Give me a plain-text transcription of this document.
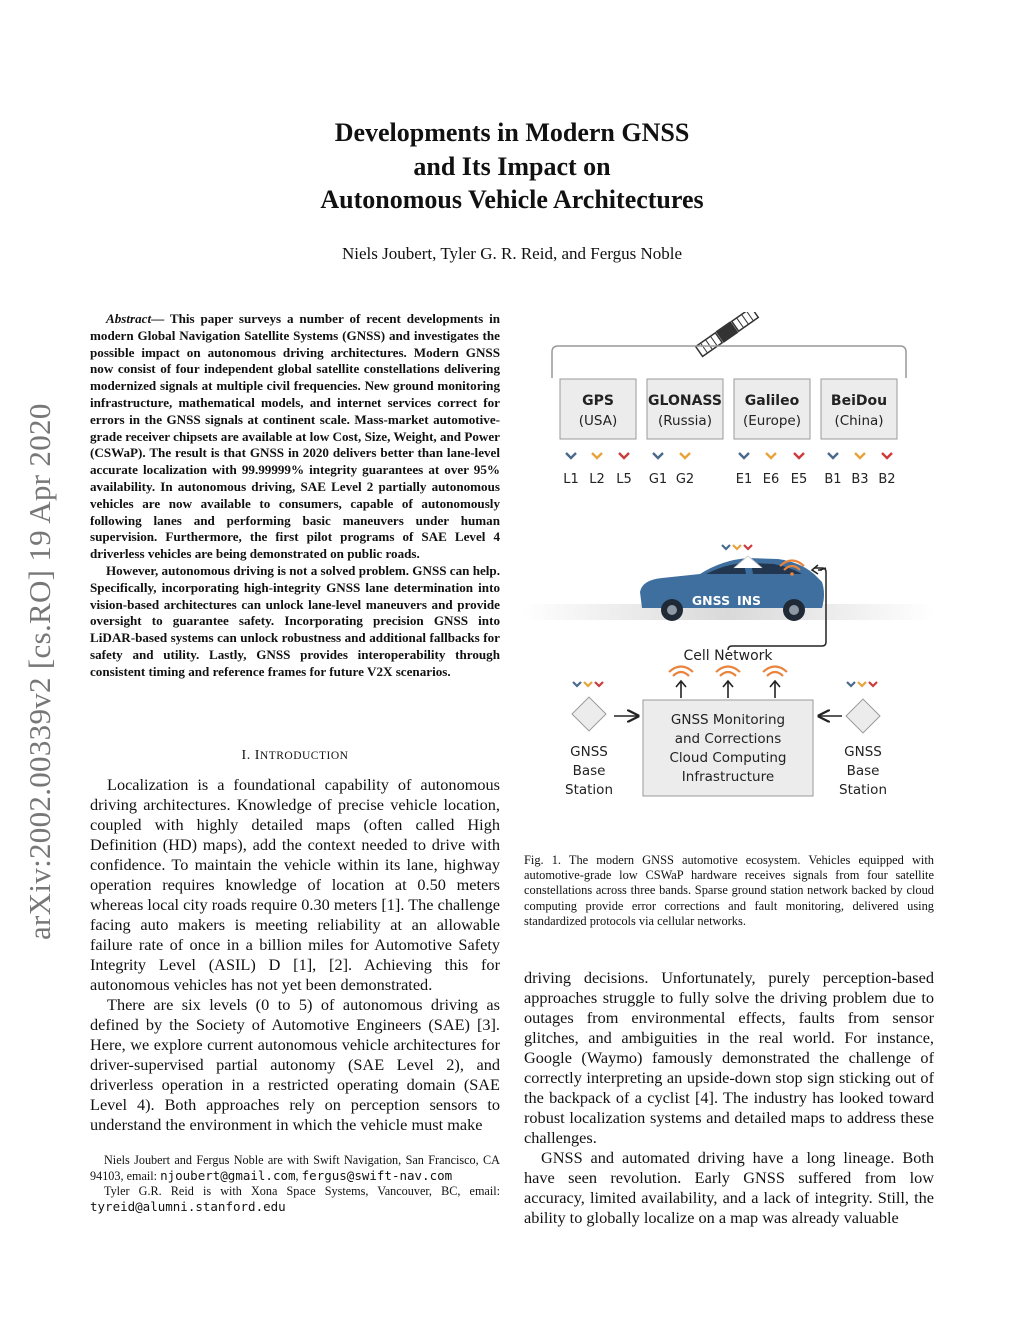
arXiv:2002.00339v2 [cs.RO] 19 Apr 2020
Developments in Modern GNSS
and Its Impact on
Autonomous Vehicle Architectures
Niels Joubert, Tyler G. R. Reid, and Fergus Noble

Abstract— This paper surveys a number of recent developments in modern Global Navigation Satellite Systems (GNSS) and investigates the possible impact on autonomous driving architectures. Modern GNSS now consist of four independent global satellite constellations delivering modernized signals at multiple civil frequencies. New ground monitoring infrastructure, mathematical models, and internet services correct for errors in the GNSS signals at continent scale. Mass-market automotive-grade receiver chipsets are available at low Cost, Size, Weight, and Power (CSWaP). The result is that GNSS in 2020 delivers better than lane-level accurate localization with 99.99999% integrity guarantees at over 95% availability. In autonomous driving, SAE Level 2 partially autonomous vehicles are now available to consumers, capable of autonomously following lanes and performing basic maneuvers under human supervision. Furthermore, the first pilot programs of SAE Level 4 driverless vehicles are being demonstrated on public roads.

However, autonomous driving is not a solved problem. GNSS can help. Specifically, incorporating high-integrity GNSS lane determination into vision-based architectures can unlock lane-level maneuvers and provide oversight to guarantee safety. Incorporating precision GNSS into LiDAR-based systems can unlock robustness and additional fallbacks for safety and utility. Lastly, GNSS provides interoperability through consistent timing and reference frames for future V2X scenarios.

I. INTRODUCTION

Localization is a foundational capability of autonomous driving architectures. Knowledge of precise vehicle location, coupled with highly detailed maps (often called High Definition (HD) maps), add the context needed to drive with confidence. To maintain the vehicle within its lane, highway operation requires knowledge of location at 0.50 meters whereas local city roads require 0.30 meters [1]. The challenge facing auto makers is meeting reliability at an allowable failure rate of once in a billion miles for Automotive Safety Integrity Level (ASIL) D [1], [2]. Achieving this for autonomous vehicles has not yet been demonstrated.

There are six levels (0 to 5) of autonomous driving as defined by the Society of Automotive Engineers (SAE) [3]. Here, we explore current autonomous vehicle architectures for driver-supervised partial autonomy (SAE Level 2), and driverless operation in a restricted operating domain (SAE Level 4). Both approaches rely on perception sensors to understand the environment in which the vehicle must make

Niels Joubert and Fergus Noble are with Swift Navigation, San Francisco, CA 94103, email: njoubert@gmail.com, fergus@swift-nav.com

Tyler G.R. Reid is with Xona Space Systems, Vancouver, BC, email: tyreid@alumni.stanford.edu

GPS
(USA)
GLONASS
(Russia)
Galileo
(Europe)
BeiDou
(China)
L1 L2 L5 G1 G2	E1 E6 E5 B1 B3 B2
GNSS INS
Cell Network
GNSS Monitoring
and Corrections
Cloud Computing
Infrastructure
GNSS
Base
Station
GNSS
Base
Station
Fig. 1. The modern GNSS automotive ecosystem. Vehicles equipped with automotive-grade low CSWaP hardware receives signals from four satellite constellations across three bands. Sparse ground station network backed by cloud computing provide error corrections and fault monitoring, delivered using standardized protocols via cellular networks.

driving decisions. Unfortunately, purely perception-based approaches struggle to fully solve the driving problem due to outages from environmental effects, faults from sensor glitches, and ambiguities in the real world. For instance, Google (Waymo) famously demonstrated the challenge of correctly interpreting an upside-down stop sign sticking out of the backpack of a cyclist [4]. The industry has looked toward robust localization systems and detailed maps to address these challenges.

GNSS and automated driving have a long lineage. Both have seen revolution. Early GNSS suffered from low accuracy, limited availability, and a lack of integrity. Still, the ability to globally localize on a map was already valuable
